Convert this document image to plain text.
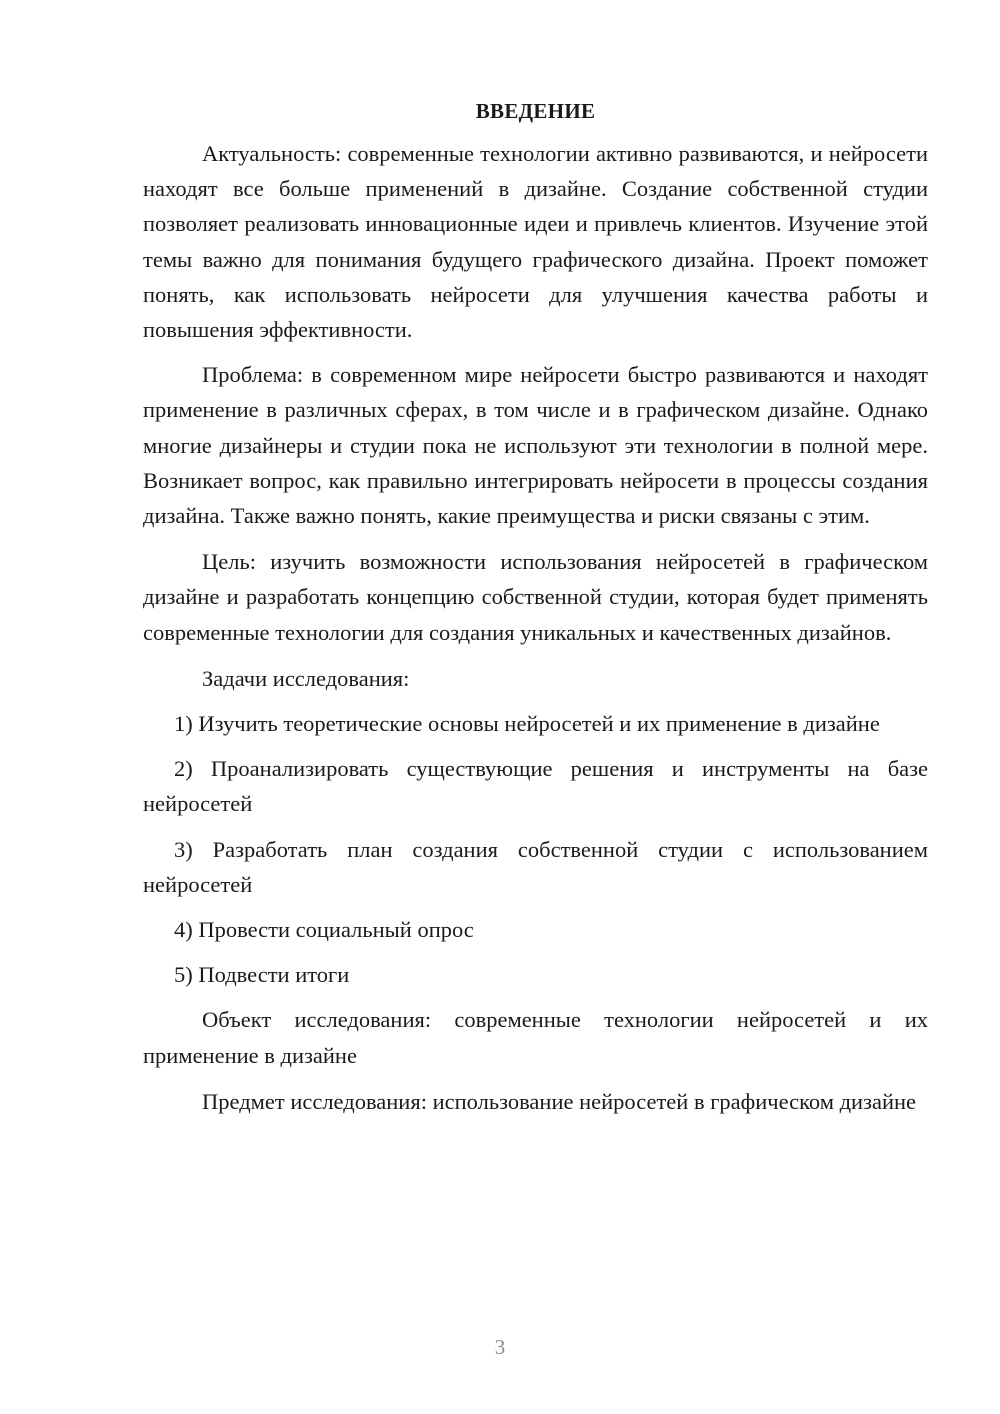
ВВЕДЕНИЕ

Актуальность: современные технологии активно развиваются, и нейросети находят все больше применений в дизайне. Создание собственной студии позволяет реализовать инновационные идеи и привлечь клиентов. Изучение этой темы важно для понимания будущего графического дизайна. Проект поможет понять, как использовать нейросети для улучшения качества работы и повышения эффективности.

Проблема: в современном мире нейросети быстро развиваются и находят применение в различных сферах, в том числе и в графическом дизайне. Однако многие дизайнеры и студии пока не используют эти технологии в полной мере. Возникает вопрос, как правильно интегрировать нейросети в процессы создания дизайна. Также важно понять, какие преимущества и риски связаны с этим.

Цель: изучить возможности использования нейросетей в графическом дизайне и разработать концепцию собственной студии, которая будет применять современные технологии для создания уникальных и качественных дизайнов.

Задачи исследования:

1) Изучить теоретические основы нейросетей и их применение в дизайне

2) Проанализировать существующие решения и инструменты на базе нейросетей

3) Разработать план создания собственной студии с использованием нейросетей

4) Провести социальный опрос

5) Подвести итоги

Объект исследования: современные технологии нейросетей и их применение в дизайне

Предмет исследования: использование нейросетей в графическом дизайне

3
